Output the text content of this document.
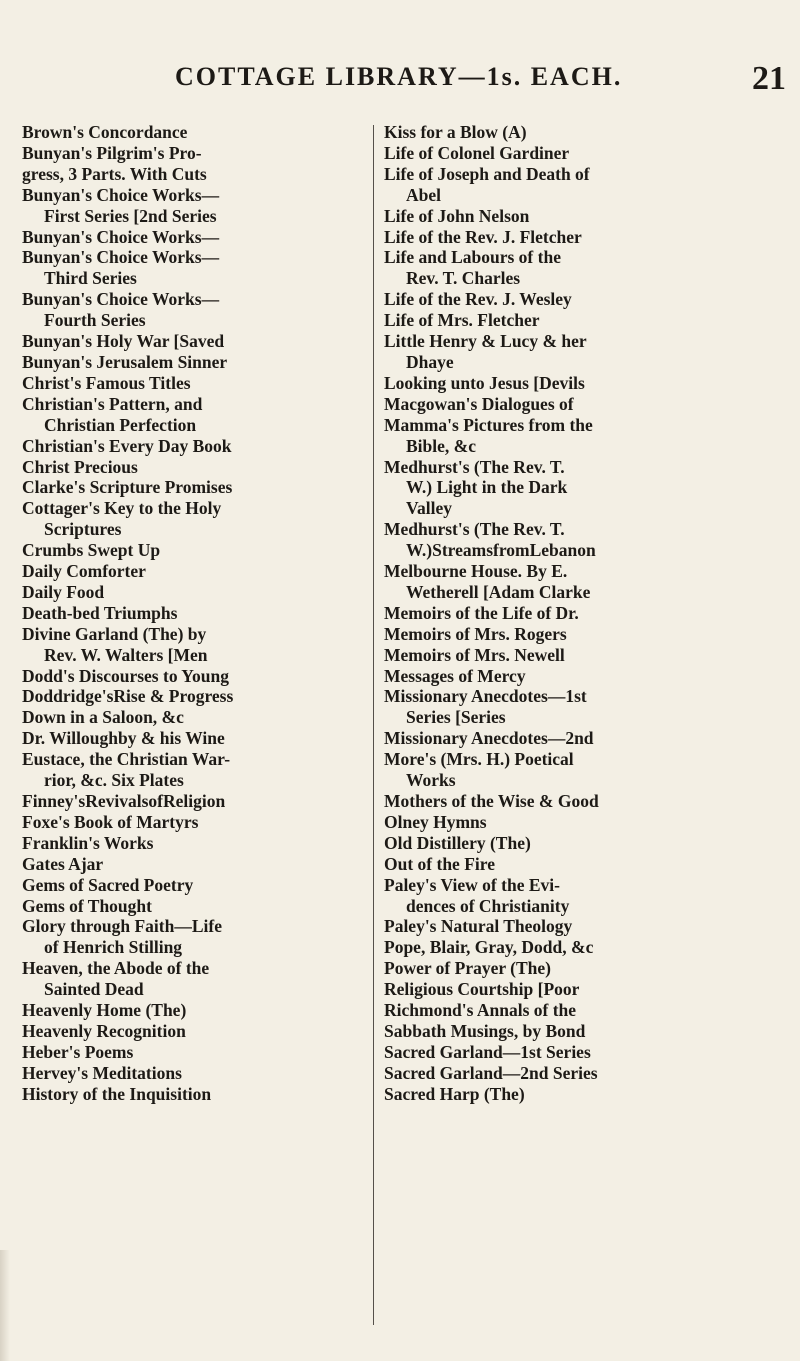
COTTAGE LIBRARY—1s. EACH.	21
Brown's Concordance
Bunyan's Pilgrim's Pro-
gress, 3 Parts. With Cuts
Bunyan's Choice Works—
First Series [2nd Series
Bunyan's Choice Works—
Bunyan's Choice Works—
Third Series
Bunyan's Choice Works—
Fourth Series
Bunyan's Holy War [Saved
Bunyan's Jerusalem Sinner
Christ's Famous Titles
Christian's Pattern, and
Christian Perfection
Christian's Every Day Book
Christ Precious
Clarke's Scripture Promises
Cottager's Key to the Holy
Scriptures
Crumbs Swept Up
Daily Comforter
Daily Food
Death-bed Triumphs
Divine Garland (The) by
Rev. W. Walters [Men
Dodd's Discourses to Young
Doddridge'sRise & Progress
Down in a Saloon, &c
Dr. Willoughby & his Wine
Eustace, the Christian War-
rior, &c. Six Plates
Finney'sRevivalsofReligion
Foxe's Book of Martyrs
Franklin's Works
Gates Ajar
Gems of Sacred Poetry
Gems of Thought
Glory through Faith—Life
of Henrich Stilling
Heaven, the Abode of the
Sainted Dead
Heavenly Home (The)
Heavenly Recognition
Heber's Poems
Hervey's Meditations
History of the Inquisition
Kiss for a Blow (A)
Life of Colonel Gardiner
Life of Joseph and Death of
Abel
Life of John Nelson
Life of the Rev. J. Fletcher
Life and Labours of the
Rev. T. Charles
Life of the Rev. J. Wesley
Life of Mrs. Fletcher
Little Henry & Lucy & her
Dhaye
Looking unto Jesus [Devils
Macgowan's Dialogues of
Mamma's Pictures from the
Bible, &c
Medhurst's (The Rev. T.
W.) Light in the Dark
Valley
Medhurst's (The Rev. T.
W.)StreamsfromLebanon
Melbourne House. By E.
Wetherell [Adam Clarke
Memoirs of the Life of Dr.
Memoirs of Mrs. Rogers
Memoirs of Mrs. Newell
Messages of Mercy
Missionary Anecdotes—1st
Series [Series
Missionary Anecdotes—2nd
More's (Mrs. H.) Poetical
Works
Mothers of the Wise & Good
Olney Hymns
Old Distillery (The)
Out of the Fire
Paley's View of the Evi-
dences of Christianity
Paley's Natural Theology
Pope, Blair, Gray, Dodd, &c
Power of Prayer (The)
Religious Courtship [Poor
Richmond's Annals of the
Sabbath Musings, by Bond
Sacred Garland—1st Series
Sacred Garland—2nd Series
Sacred Harp (The)
